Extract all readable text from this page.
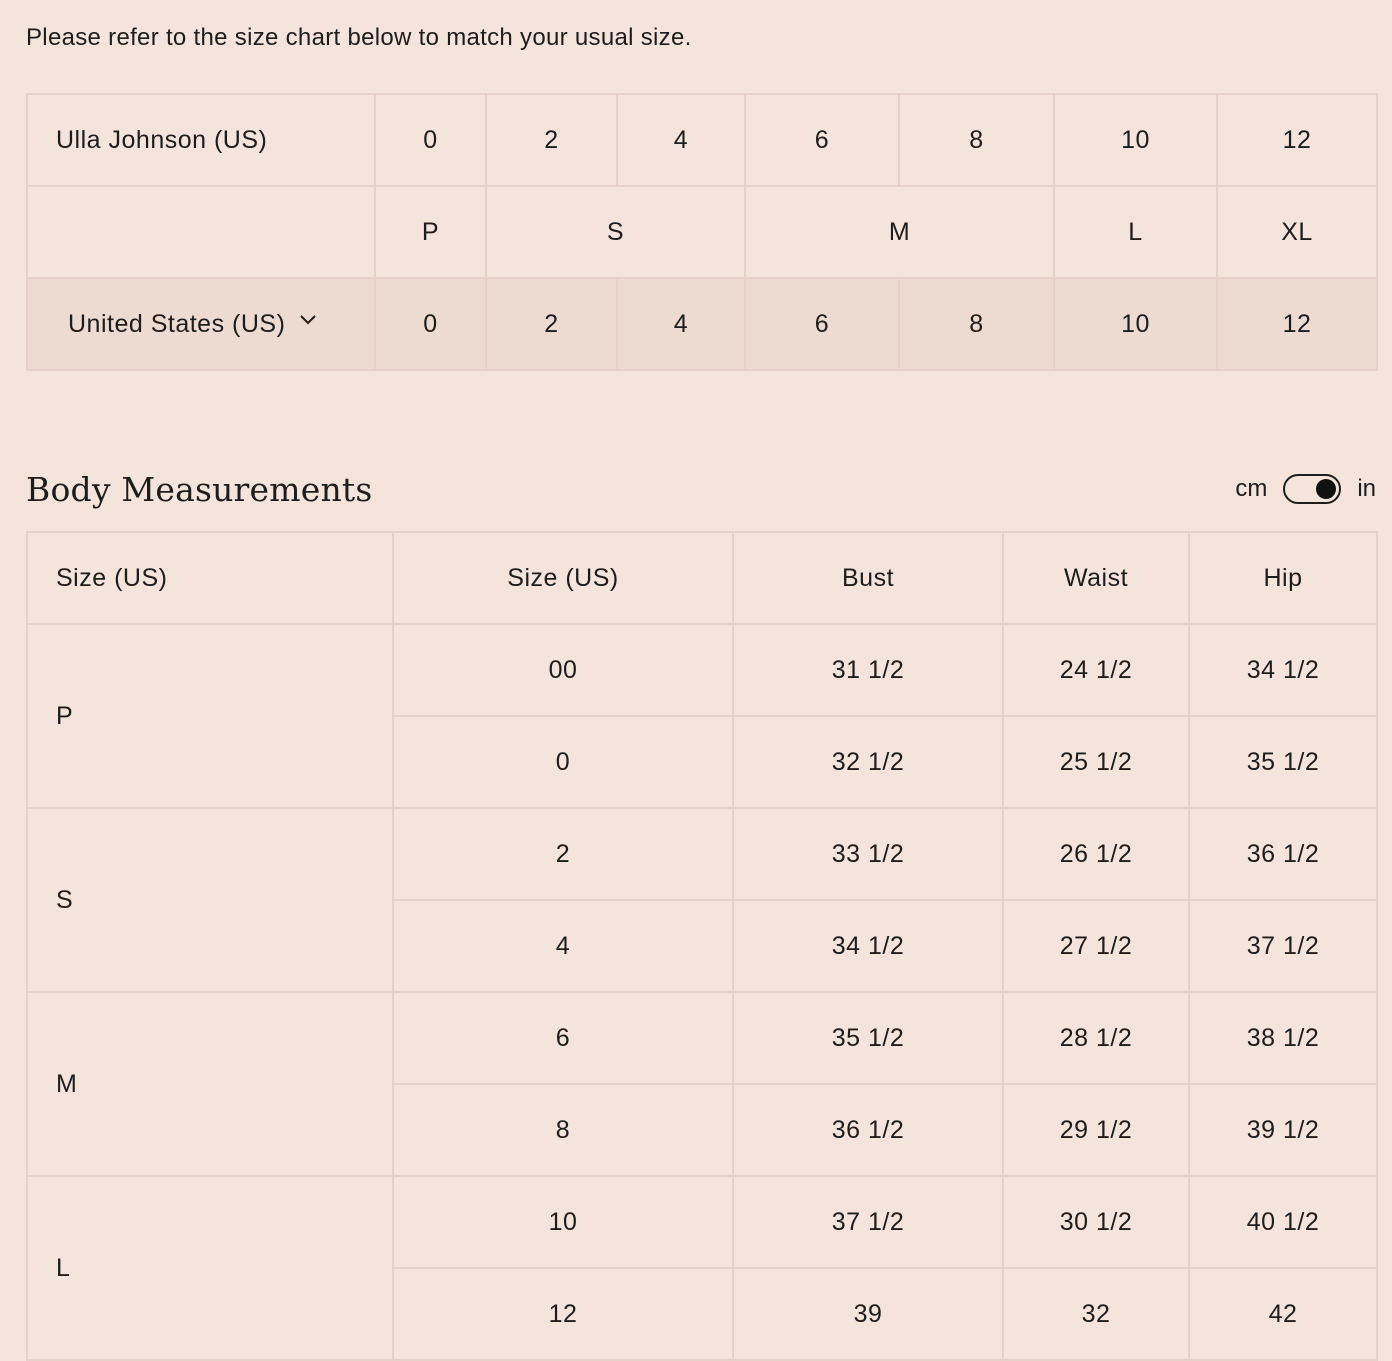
Please refer to the size chart below to match your usual size.
Ulla Johnson (US)	0	2	4	6	8	10	12
	P	S		M		L	XL

United States (US)	0	2	4	6	8	10	12
Body Measurements	cm	in
Size (US)	Size (US)	Bust	Waist	Hip
P	00	31 1/2	24 1/2	34 1/2
	0	32 1/2	25 1/2	35 1/2
S	2	33 1/2	26 1/2	36 1/2
	4	34 1/2	27 1/2	37 1/2
M	6	35 1/2	28 1/2	38 1/2
	8	36 1/2	29 1/2	39 1/2
L	10	37 1/2	30 1/2	40 1/2
	12	39	32	42
